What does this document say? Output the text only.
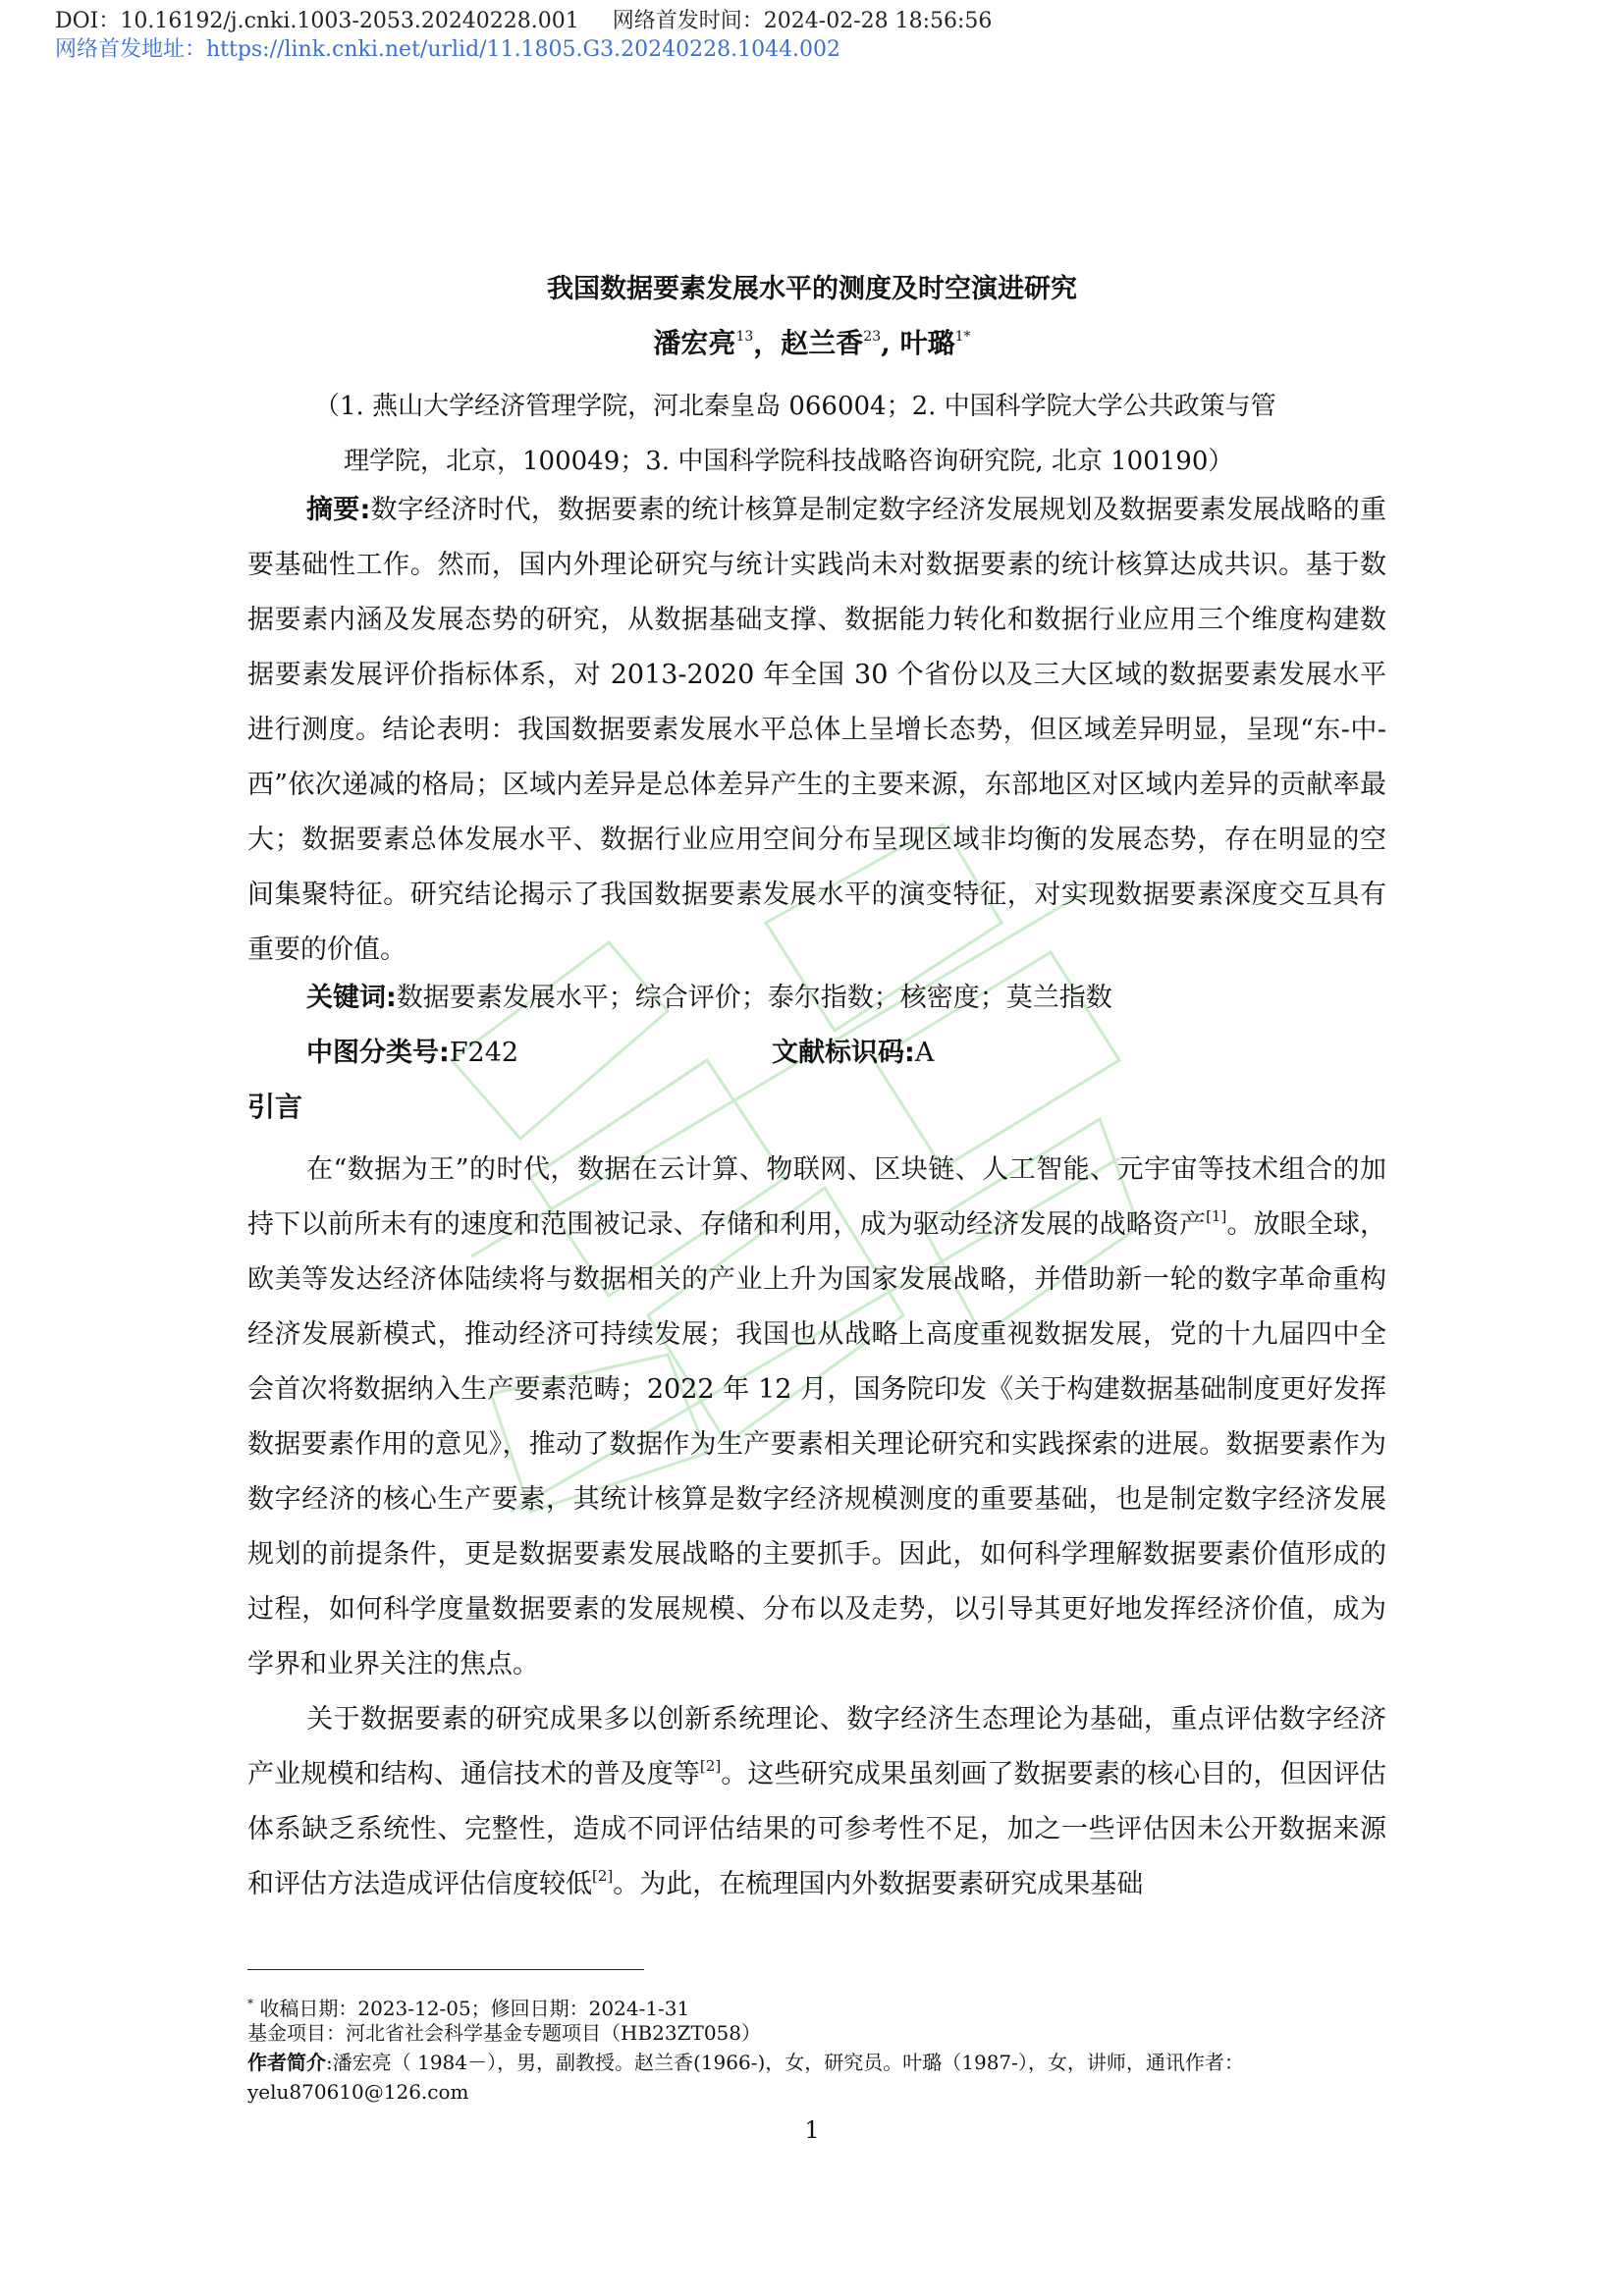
DOI：10.16192/j.cnki.1003-2053.20240228.001 网络首发时间：2024-02-28 18:56:56
网络首发地址：https://link.cnki.net/urlid/11.1805.G3.20240228.1044.002
我国数据要素发展水平的测度及时空演进研究
潘宏亮$^{13}$，赵兰香$^{23}$, 叶璐$^{1*}$
（1. 燕山大学经济管理学院，河北秦皇岛 066004；2. 中国科学院大学公共政策与管
理学院，北京，100049；3. 中国科学院科技战略咨询研究院, 北京 100190）
摘要:数字经济时代，数据要素的统计核算是制定数字经济发展规划及数据要素发展战略的重要基础性工作。然而，国内外理论研究与统计实践尚未对数据要素的统计核算达成共识。基于数据要素内涵及发展态势的研究，从数据基础支撑、数据能力转化和数据行业应用三个维度构建数据要素发展评价指标体系，对 2013-2020 年全国 30 个省份以及三大区域的数据要素发展水平进行测度。结论表明：我国数据要素发展水平总体上呈增长态势，但区域差异明显，呈现“东-中-西”依次递减的格局；区域内差异是总体差异产生的主要来源，东部地区对区域内差异的贡献率最大；数据要素总体发展水平、数据行业应用空间分布呈现区域非均衡的发展态势，存在明显的空间集聚特征。研究结论揭示了我国数据要素发展水平的演变特征，对实现数据要素深度交互具有重要的价值。
关键词:数据要素发展水平；综合评价；泰尔指数；核密度；莫兰指数
中图分类号:F242	文献标识码:A
引言
在“数据为王”的时代，数据在云计算、物联网、区块链、人工智能、元宇宙等技术组合的加持下以前所未有的速度和范围被记录、存储和利用，成为驱动经济发展的战略资产[1]。放眼全球，欧美等发达经济体陆续将与数据相关的产业上升为国家发展战略，并借助新一轮的数字革命重构经济发展新模式，推动经济可持续发展；我国也从战略上高度重视数据发展，党的十九届四中全会首次将数据纳入生产要素范畴；2022 年 12 月，国务院印发《关于构建数据基础制度更好发挥数据要素作用的意见》，推动了数据作为生产要素相关理论研究和实践探索的进展。数据要素作为数字经济的核心生产要素，其统计核算是数字经济规模测度的重要基础，也是制定数字经济发展规划的前提条件，更是数据要素发展战略的主要抓手。因此，如何科学理解数据要素价值形成的过程，如何科学度量数据要素的发展规模、分布以及走势，以引导其更好地发挥经济价值，成为学界和业界关注的焦点。
关于数据要素的研究成果多以创新系统理论、数字经济生态理论为基础，重点评估数字经济产业规模和结构、通信技术的普及度等[2]。这些研究成果虽刻画了数据要素的核心目的，但因评估体系缺乏系统性、完整性，造成不同评估结果的可参考性不足，加之一些评估因未公开数据来源和评估方法造成评估信度较低[2]。为此，在梳理国内外数据要素研究成果基础
* 收稿日期：2023-12-05；修回日期：2024-1-31
基金项目：河北省社会科学基金专题项目（HB23ZT058）
作者简介:潘宏亮（ 1984－），男，副教授。赵兰香(1966-)，女，研究员。叶璐（1987-），女，讲师，通讯作者：yelu870610@126.com
1
